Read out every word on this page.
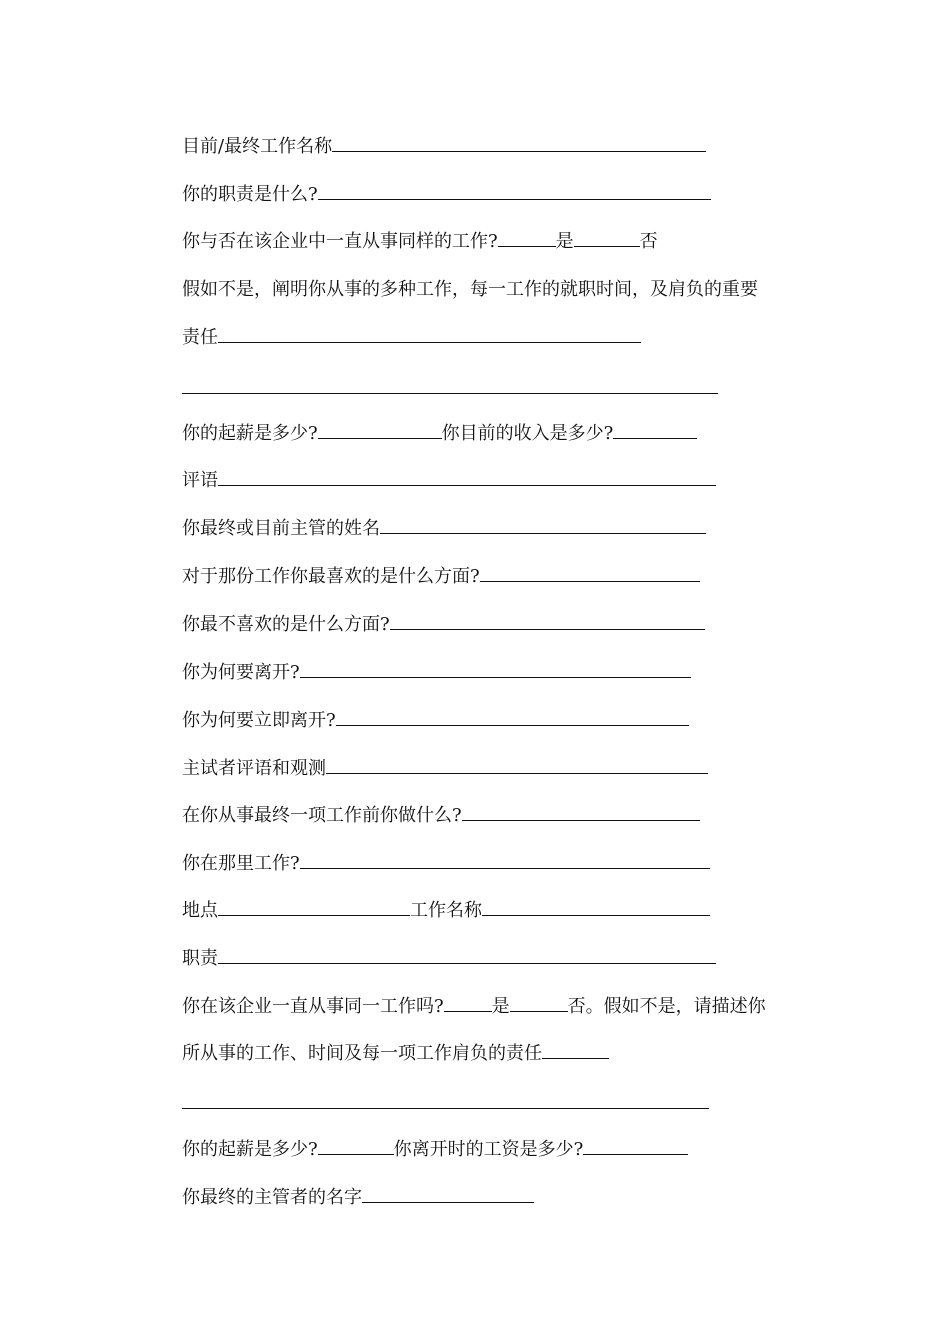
目前/最终工作名称
你的职责是什么?
你与否在该企业中一直从事同样的工作?	是	否
假如不是，阐明你从事的多种工作，每一工作的就职时间，及肩负的重要
责任
你的起薪是多少?	你目前的收入是多少?
评语
你最终或目前主管的姓名
对于那份工作你最喜欢的是什么方面?
你最不喜欢的是什么方面?
你为何要离开?
你为何要立即离开?
主试者评语和观测
在你从事最终一项工作前你做什么?
你在那里工作?
地点	工作名称
职责
你在该企业一直从事同一工作吗?	是	否。假如不是，请描述你
所从事的工作、时间及每一项工作肩负的责任
你的起薪是多少?	你离开时的工资是多少?
你最终的主管者的名字
